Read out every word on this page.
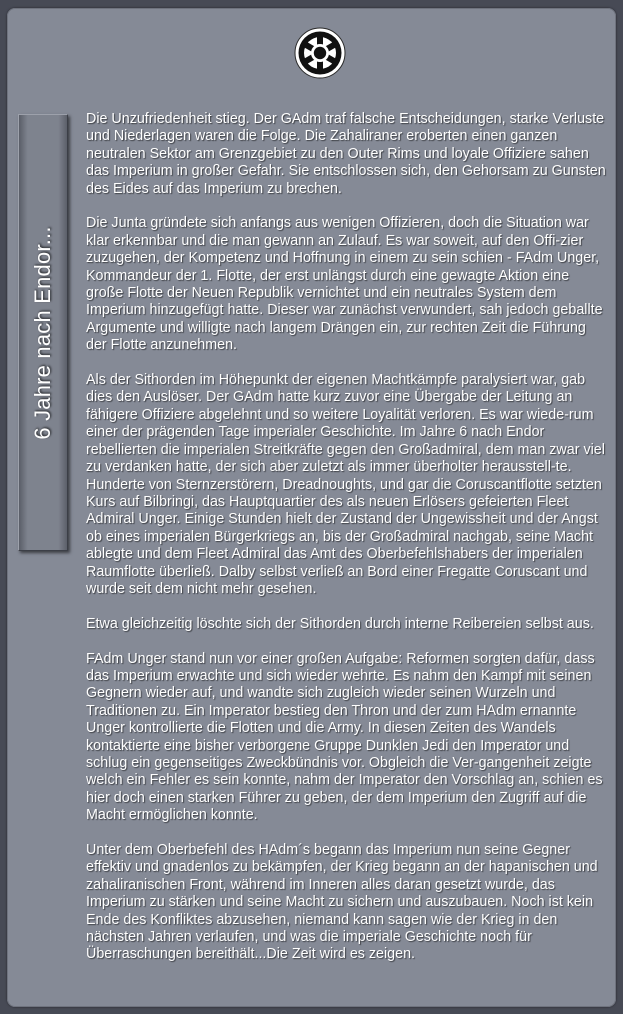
6 Jahre nach Endor...

Die Unzufriedenheit stieg. Der GAdm traf falsche Entscheidungen, starke Verluste und Niederlagen waren die Folge. Die Zahaliraner eroberten einen ganzen neutralen Sektor am Grenzgebiet zu den Outer Rims und loyale Offiziere sahen das Imperium in großer Gefahr. Sie entschlossen sich, den Gehorsam zu Gunsten des Eides auf das Imperium zu brechen.

Die Junta gründete sich anfangs aus wenigen Offizieren, doch die Situation war klar erkennbar und die man gewann an Zulauf. Es war soweit, auf den Offi-zier zuzugehen, der Kompetenz und Hoffnung in einem zu sein schien - FAdm Unger, Kommandeur der 1. Flotte, der erst unlängst durch eine gewagte Aktion eine große Flotte der Neuen Republik vernichtet und ein neutrales System dem Imperium hinzugefügt hatte. Dieser war zunächst verwundert, sah jedoch geballte Argumente und willigte nach langem Drängen ein, zur rechten Zeit die Führung der Flotte anzunehmen.

Als der Sithorden im Höhepunkt der eigenen Machtkämpfe paralysiert war, gab dies den Auslöser. Der GAdm hatte kurz zuvor eine Übergabe der Leitung an fähigere Offiziere abgelehnt und so weitere Loyalität verloren. Es war wiede-rum einer der prägenden Tage imperialer Geschichte. Im Jahre 6 nach Endor rebellierten die imperialen Streitkräfte gegen den Großadmiral, dem man zwar viel zu verdanken hatte, der sich aber zuletzt als immer überholter herausstell-te. Hunderte von Sternzerstörern, Dreadnoughts, und gar die Coruscantflotte setzten Kurs auf Bilbringi, das Hauptquartier des als neuen Erlösers gefeierten Fleet Admiral Unger. Einige Stunden hielt der Zustand der Ungewissheit und der Angst ob eines imperialen Bürgerkriegs an, bis der Großadmiral nachgab, seine Macht ablegte und dem Fleet Admiral das Amt des Oberbefehlshabers der imperialen Raumflotte überließ. Dalby selbst verließ an Bord einer Fregatte Coruscant und wurde seit dem nicht mehr gesehen.

Etwa gleichzeitig löschte sich der Sithorden durch interne Reibereien selbst aus.

FAdm Unger stand nun vor einer großen Aufgabe: Reformen sorgten dafür, dass das Imperium erwachte und sich wieder wehrte. Es nahm den Kampf mit seinen Gegnern wieder auf, und wandte sich zugleich wieder seinen Wurzeln und Traditionen zu. Ein Imperator bestieg den Thron und der zum HAdm ernannte Unger kontrollierte die Flotten und die Army. In diesen Zeiten des Wandels kontaktierte eine bisher verborgene Gruppe Dunklen Jedi den Imperator und schlug ein gegenseitiges Zweckbündnis vor. Obgleich die Ver-gangenheit zeigte welch ein Fehler es sein konnte, nahm der Imperator den Vorschlag an, schien es hier doch einen starken Führer zu geben, der dem Imperium den Zugriff auf die Macht ermöglichen konnte.

Unter dem Oberbefehl des HAdm´s begann das Imperium nun seine Gegner effektiv und gnadenlos zu bekämpfen, der Krieg begann an der hapanischen und zahaliranischen Front, während im Inneren alles daran gesetzt wurde, das Imperium zu stärken und seine Macht zu sichern und auszubauen. Noch ist kein Ende des Konfliktes abzusehen, niemand kann sagen wie der Krieg in den nächsten Jahren verlaufen, und was die imperiale Geschichte noch für Überraschungen bereithält...Die Zeit wird es zeigen.
